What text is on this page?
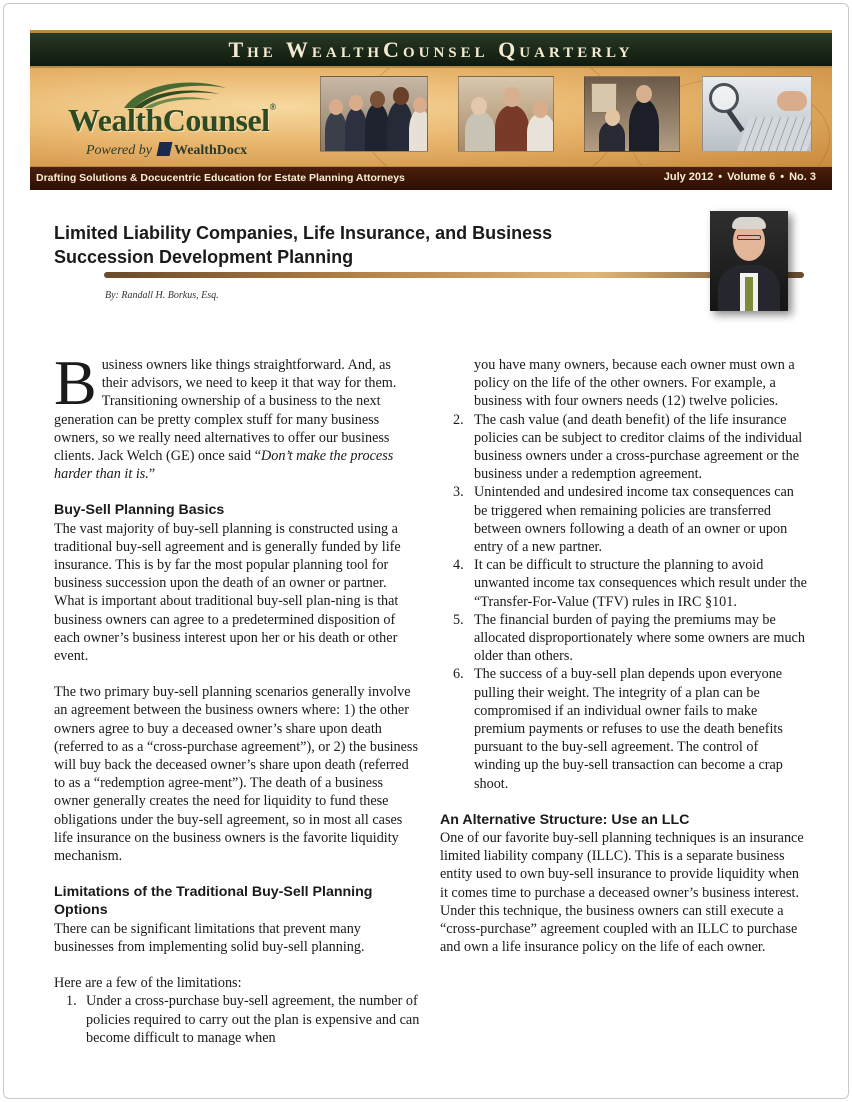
The WealthCounsel Quarterly
WealthCounsel®
Powered by WealthDocx
Drafting Solutions & Docucentric Education for Estate Planning Attorneys	July 2012 • Volume 6 • No. 3
Limited Liability Companies, Life Insurance, and Business
Succession Development Planning
By: Randall H. Borkus, Esq.

Business owners like things straightforward. And, as their advisors, we need to keep it that way for them. Transitioning ownership of a business to the next generation can be pretty complex stuff for many business owners, so we really need alternatives to offer our business clients. Jack Welch (GE) once said “Don’t make the process harder than it is.”

Buy-Sell Planning Basics

The vast majority of buy-sell planning is constructed using a traditional buy-sell agreement and is generally funded by life insurance. This is by far the most popular planning tool for business succession upon the death of an owner or partner. What is important about traditional buy-sell plan-ning is that business owners can agree to a predetermined disposition of each owner’s business interest upon her or his death or other event.

The two primary buy-sell planning scenarios generally involve an agreement between the business owners where: 1) the other owners agree to buy a deceased owner’s share upon death (referred to as a “cross-purchase agreement”), or 2) the business will buy back the deceased owner’s share upon death (referred to as a “redemption agree-ment”). The death of a business owner generally creates the need for liquidity to fund these obligations under the buy-sell agreement, so in most all cases life insurance on the business owners is the favorite liquidity mechanism.

Limitations of the Traditional Buy-Sell Planning Options

There can be significant limitations that prevent many businesses from implementing solid buy-sell planning.

Here are a few of the limitations:

1. Under a cross-purchase buy-sell agreement, the number of policies required to carry out the plan is expensive and can become difficult to manage when

you have many owners, because each owner must own a policy on the life of the other owners. For example, a business with four owners needs (12) twelve policies.

2. The cash value (and death benefit) of the life insurance policies can be subject to creditor claims of the individual business owners under a cross-purchase agreement or the business under a redemption agreement.
3. Unintended and undesired income tax consequences can be triggered when remaining policies are transferred between owners following a death of an owner or upon entry of a new partner.
4. It can be difficult to structure the planning to avoid unwanted income tax consequences which result under the “Transfer-For-Value (TFV) rules in IRC §101.
5. The financial burden of paying the premiums may be allocated disproportionately where some owners are much older than others.
6. The success of a buy-sell plan depends upon everyone pulling their weight. The integrity of a plan can be compromised if an individual owner fails to make premium payments or refuses to use the death benefits pursuant to the buy-sell agreement. The control of winding up the buy-sell transaction can become a crap shoot.
An Alternative Structure: Use an LLC

One of our favorite buy-sell planning techniques is an insurance limited liability company (ILLC). This is a separate business entity used to own buy-sell insurance to provide liquidity when it comes time to purchase a deceased owner’s business interest. Under this technique, the business owners can still execute a “cross-purchase” agreement coupled with an ILLC to purchase and own a life insurance policy on the life of each owner.
